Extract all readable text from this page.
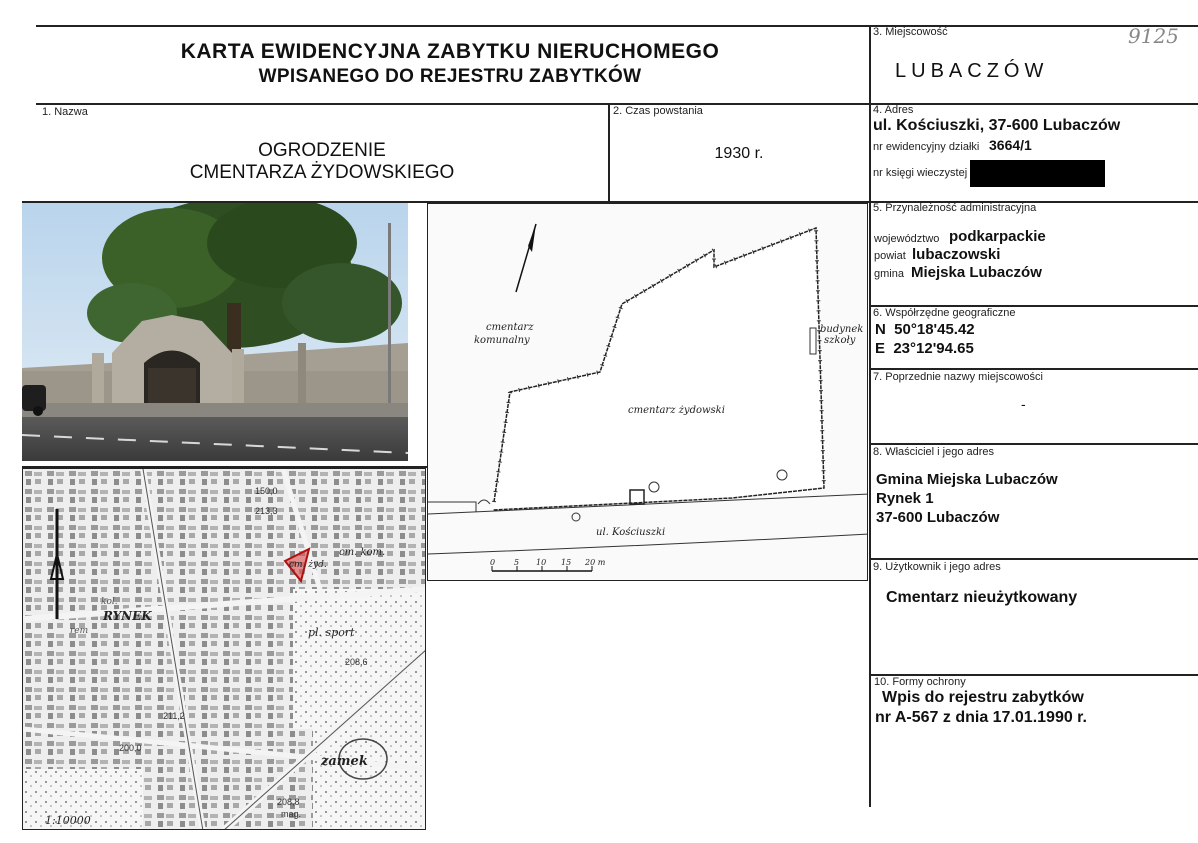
KARTA EWIDENCYJNA ZABYTKU NIERUCHOMEGO
WPISANEGO DO REJESTRU ZABYTKÓW
9125
3. Miejscowość
LUBACZÓW
1. Nazwa
OGRODZENIE
CMENTARZA ŻYDOWSKIEGO
2. Czas powstania
1930 r.
4. Adres
ul. Kościuszki, 37-600 Lubaczów
nr ewidencyjny działki 3664/1
nr księgi wieczystej
5. Przynależność administracyjna
województwo podkarpackie
powiat lubaczowski
gmina Miejska Lubaczów
6. Współrzędne geograficzne
N  50°18'45.42
E  23°12'94.65
7. Poprzednie nazwy miejscowości
-
8. Właściciel i jego adres
Gmina Miejska Lubaczów
Rynek 1
37-600 Lubaczów
9. Użytkownik i jego adres
Cmentarz nieużytkowany
10. Formy ochrony
Wpis do rejestru zabytków
nr A-567 z dnia 17.01.1990 r.
RYNEK
pl. sport
zamek
cm. żyd.
cm. kom.
kol.
rem
213,3
208,6
211,2
200,0
208,8
mag.
150,0
1:10000
cmentarz
komunalny
budynek
szkoły
cmentarz żydowski
ul. Kościuszki
0 5 10 15 20 m
